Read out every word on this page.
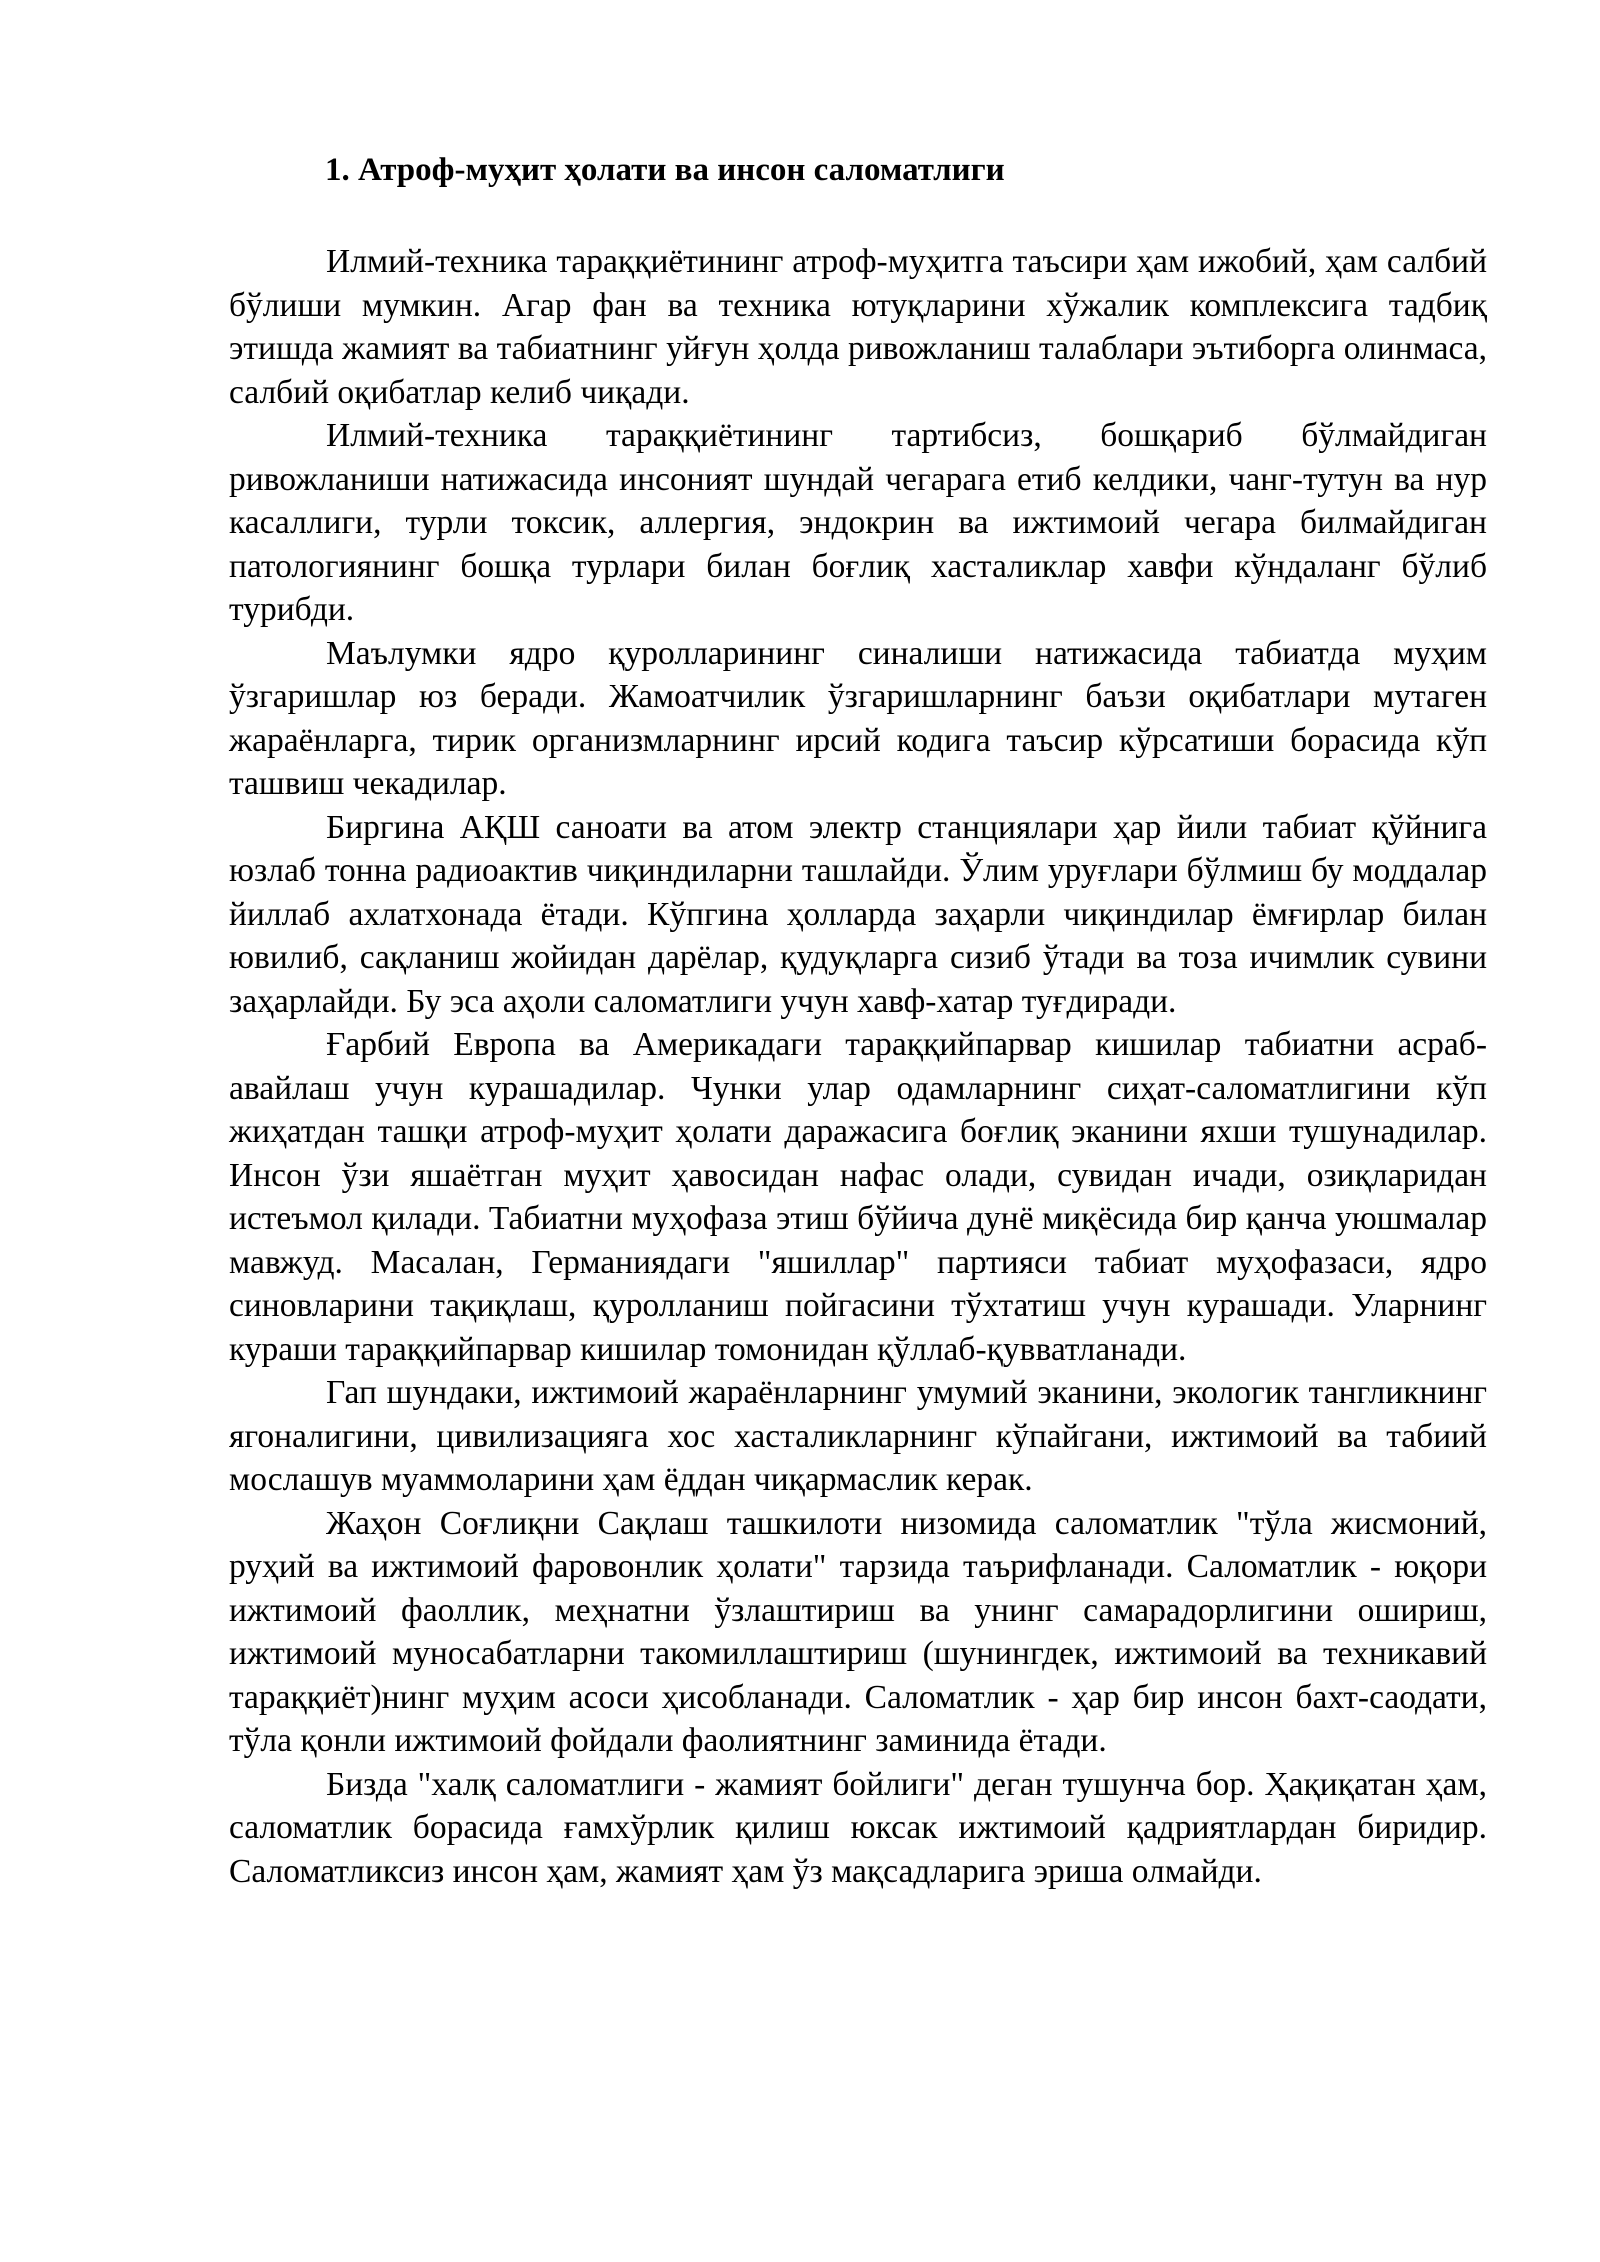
1. Атроф-муҳит ҳолати ва инсон саломатлиги

Илмий-техника тараққиётининг атроф-муҳитга таъсири ҳам ижобий, ҳам салбий бўлиши мумкин. Агар фан ва техника ютуқларини хўжалик комплексига тадбиқ этишда жамият ва табиатнинг уйғун ҳолда ривожланиш талаблари эътиборга олинмаса, салбий оқибатлар келиб чиқади.

Илмий-техника тараққиётининг тартибсиз, бошқариб бўлмайдиган ривожланиши натижасида инсоният шундай чегарага етиб келдики, чанг-тутун ва нур касаллиги, турли токсик, аллергия, эндокрин ва ижтимоий чегара билмайдиган патологиянинг бошқа турлари билан боғлиқ хасталиклар хавфи кўндаланг бўлиб турибди.

Маълумки ядро қуролларининг синалиши натижасида табиатда муҳим ўзгаришлар юз беради. Жамоатчилик ўзгаришларнинг баъзи оқибатлари мутаген жараёнларга, тирик организмларнинг ирсий кодига таъсир кўрсатиши борасида кўп ташвиш чекадилар.

Биргина АҚШ саноати ва атом электр станциялари ҳар йили табиат қўйнига юзлаб тонна радиоактив чиқиндиларни ташлайди. Ўлим уруғлари бўлмиш бу моддалар йиллаб ахлатхонада ётади. Кўпгина ҳолларда заҳарли чиқиндилар ёмғирлар билан ювилиб, сақланиш жойидан дарёлар, қудуқларга сизиб ўтади ва тоза ичимлик сувини заҳарлайди. Бу эса аҳоли саломатлиги учун хавф-хатар туғдиради.

Ғарбий Европа ва Америкадаги тараққийпарвар кишилар табиатни асраб-авайлаш учун курашадилар. Чунки улар одамларнинг сиҳат-саломатлигини кўп жиҳатдан ташқи атроф-муҳит ҳолати даражасига боғлиқ эканини яхши тушунадилар. Инсон ўзи яшаётган муҳит ҳавосидан нафас олади, сувидан ичади, озиқларидан истеъмол қилади. Табиатни муҳофаза этиш бўйича дунё миқёсида бир қанча уюшмалар мавжуд. Масалан, Германиядаги "яшиллар" партияси табиат муҳофазаси, ядро синовларини тақиқлаш, қуролланиш пойгасини тўхтатиш учун курашади. Уларнинг кураши тараққийпарвар кишилар томонидан қўллаб-қувватланади.

Гап шундаки, ижтимоий жараёнларнинг умумий эканини, экологик тангликнинг ягоналигини, цивилизацияга хос хасталикларнинг кўпайгани, ижтимоий ва табиий мослашув муаммоларини ҳам ёддан чиқармаслик керак.

Жаҳон Соғлиқни Сақлаш ташкилоти низомида саломатлик "тўла жисмоний, руҳий ва ижтимоий фаровонлик ҳолати" тарзида таърифланади. Саломатлик - юқори ижтимоий фаоллик, меҳнатни ўзлаштириш ва унинг самарадорлигини ошириш, ижтимоий муносабатларни такомиллаштириш (шунингдек, ижтимоий ва техникавий тараққиёт)нинг муҳим асоси ҳисобланади. Саломатлик - ҳар бир инсон бахт-саодати, тўла қонли ижтимоий фойдали фаолиятнинг заминида ётади.

Бизда "халқ саломатлиги - жамият бойлиги" деган тушунча бор. Ҳақиқатан ҳам, саломатлик борасида ғамхўрлик қилиш юксак ижтимоий қадриятлардан биридир. Саломатликсиз инсон ҳам, жамият ҳам ўз мақсадларига эриша олмайди.
